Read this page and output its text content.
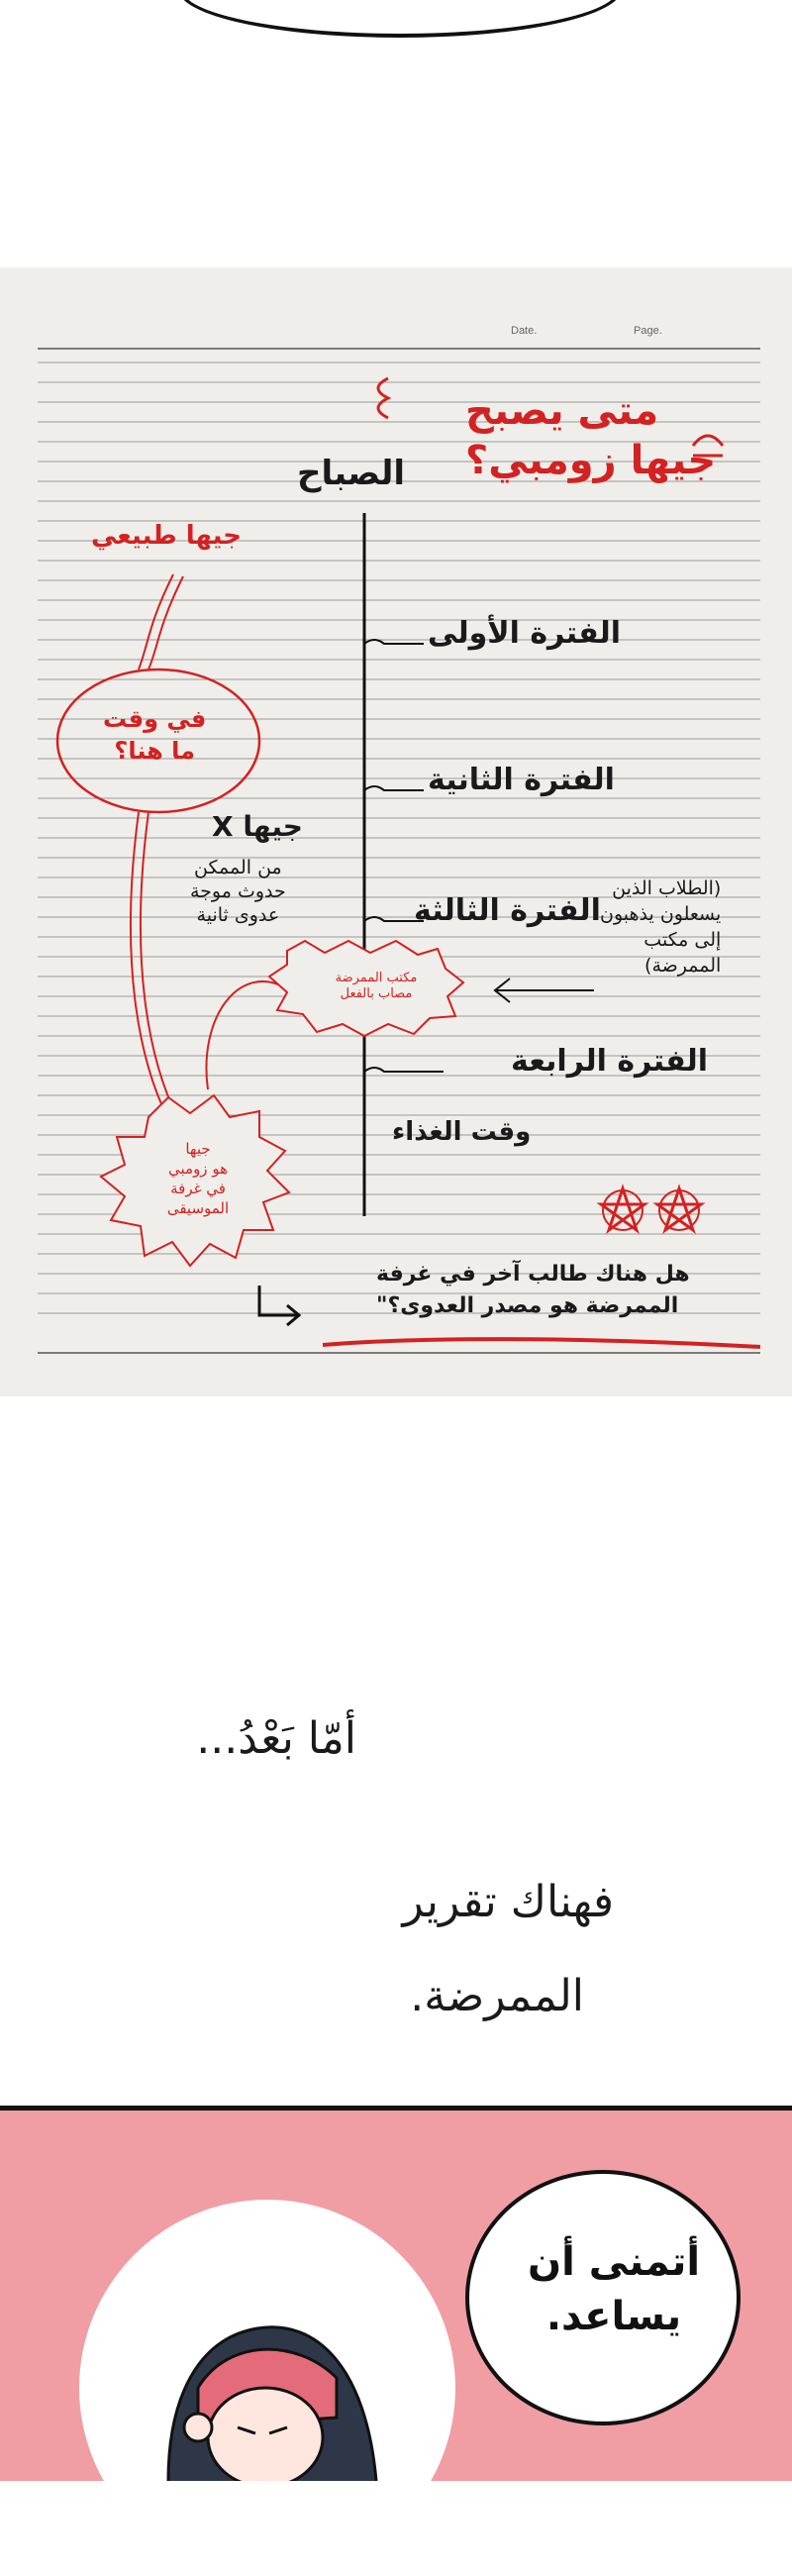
Date.	Page.
متى يصبح
جيها زومبي؟
الصباح
الفترة الأولى
الفترة الثانية
الفترة الثالثة
الفترة الرابعة
وقت الغذاء
جيها طبيعي
في وقت
ما هنا؟
جيها X
من الممكن
حدوث موجة
عدوى ثانية
(الطلاب الذين
يسعلون يذهبون
إلى مكتب
الممرضة)
مكتب الممرضة
مصاب بالفعل
جيها
هو زومبي
في غرفة
الموسيقى
هل هناك طالب آخر في غرفة
الممرضة هو مصدر العدوى؟"
أمّا بَعْدُ...
فهناك تقرير
الممرضة.
أتمنى أن
يساعد.
